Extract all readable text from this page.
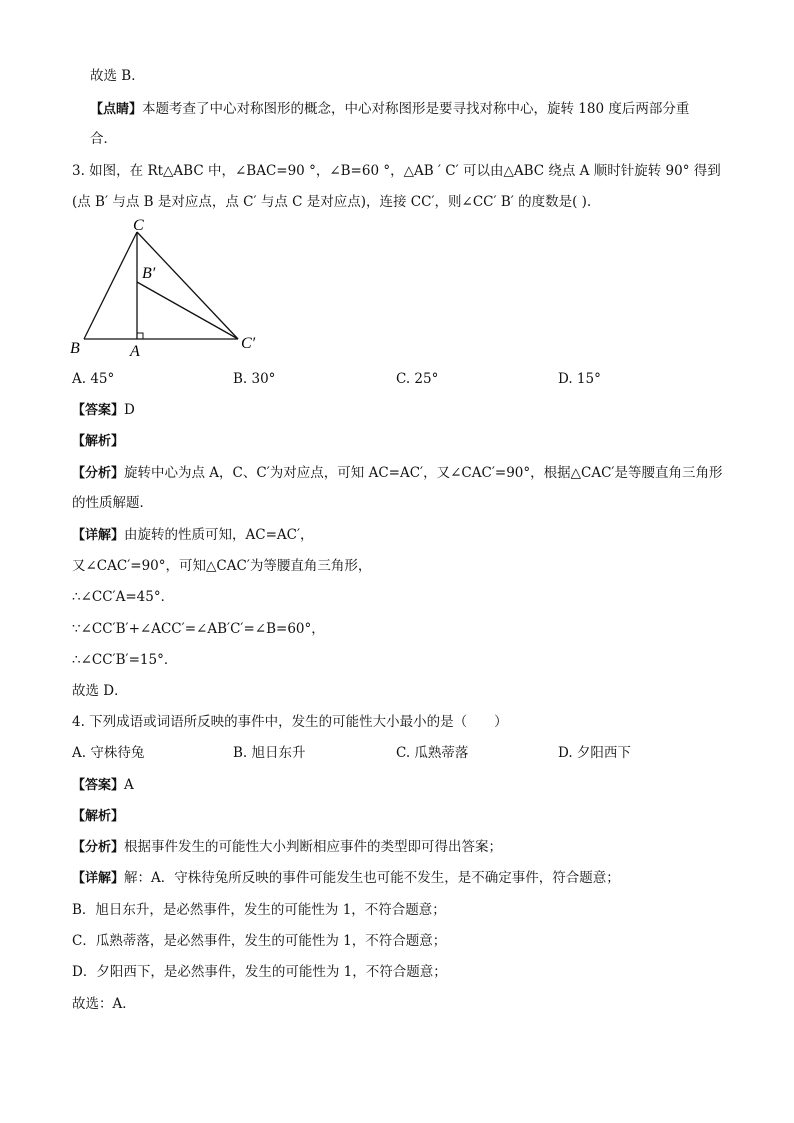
故选 B．
【点睛】本题考查了中心对称图形的概念，中心对称图形是要寻找对称中心，旋转 180 度后两部分重
合．
3. 如图，在 Rt△ABC 中，∠BAC=90 °，∠B=60 °，△AB ′ C′ 可以由△ABC 绕点 A 顺时针旋转 90° 得到
(点 B′ 与点 B 是对应点，点 C′ 与点 C 是对应点)，连接 CC′，则∠CC′ B′ 的度数是( ).
C
B′
B	A	C′
A. 45°	B. 30°	C. 25°	D. 15°
【答案】D
【解析】
【分析】旋转中心为点 A，C、C′为对应点，可知 AC=AC′，又∠CAC′=90°，根据△CAC′是等腰直角三角形
的性质解题．
【详解】由旋转的性质可知，AC=AC′，
又∠CAC′=90°，可知△CAC′为等腰直角三角形，
∴∠CC′A=45°．
∵∠CC′B′+∠ACC′=∠AB′C′=∠B=60°，
∴∠CC′B′=15°．
故选 D．
4. 下列成语或词语所反映的事件中，发生的可能性大小最小的是（　　）
A. 守株待兔	B. 旭日东升	C. 瓜熟蒂落	D. 夕阳西下
【答案】A
【解析】
【分析】根据事件发生的可能性大小判断相应事件的类型即可得出答案；
【详解】解：A．守株待兔所反映的事件可能发生也可能不发生，是不确定事件，符合题意；
B．旭日东升，是必然事件，发生的可能性为 1，不符合题意；
C．瓜熟蒂落，是必然事件，发生的可能性为 1，不符合题意；
D．夕阳西下，是必然事件，发生的可能性为 1，不符合题意；
故选：A．
